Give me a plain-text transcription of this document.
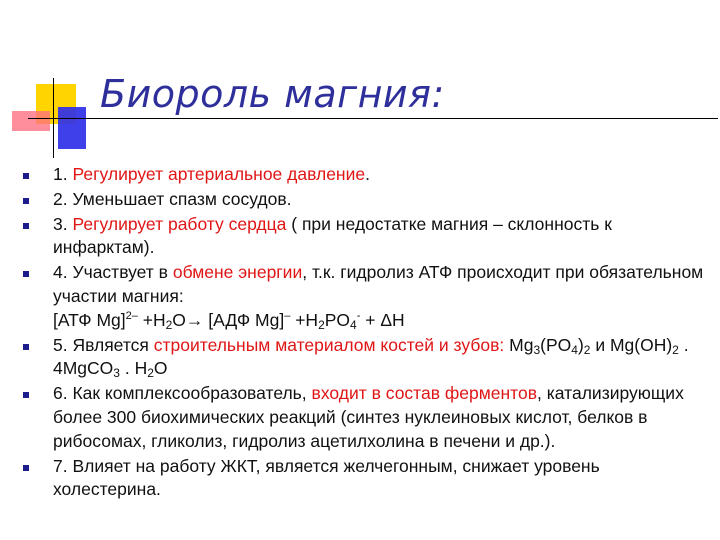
Биороль магния:
1. Регулирует артериальное давление.
2. Уменьшает спазм сосудов.
3. Регулирует работу сердца ( при недостатке магния – склонность к инфарктам).
4. Участвует в обмене энергии, т.к. гидролиз АТФ происходит при обязательном участии магния:
[АТФ $Mg]^{2-} +H_2O\to [АДФ$ $Mg]^- +H_2PO_4^- + \Delta H$
5. Является строительным материалом костей и зубов: $Mg_3(PO_4)_2$ и $Mg(OH)_2$ . 4MgCO$_3$ . $H_2O$
6. Как комплексообразователь, входит в состав ферментов, катализирующих более 300 биохимических реакций (синтез нуклеиновых кислот, белков в рибосомах, гликолиз, гидролиз ацетилхолина в печени и др.).
7. Влияет на работу ЖКТ, является желчегонным, снижает уровень холестерина.
